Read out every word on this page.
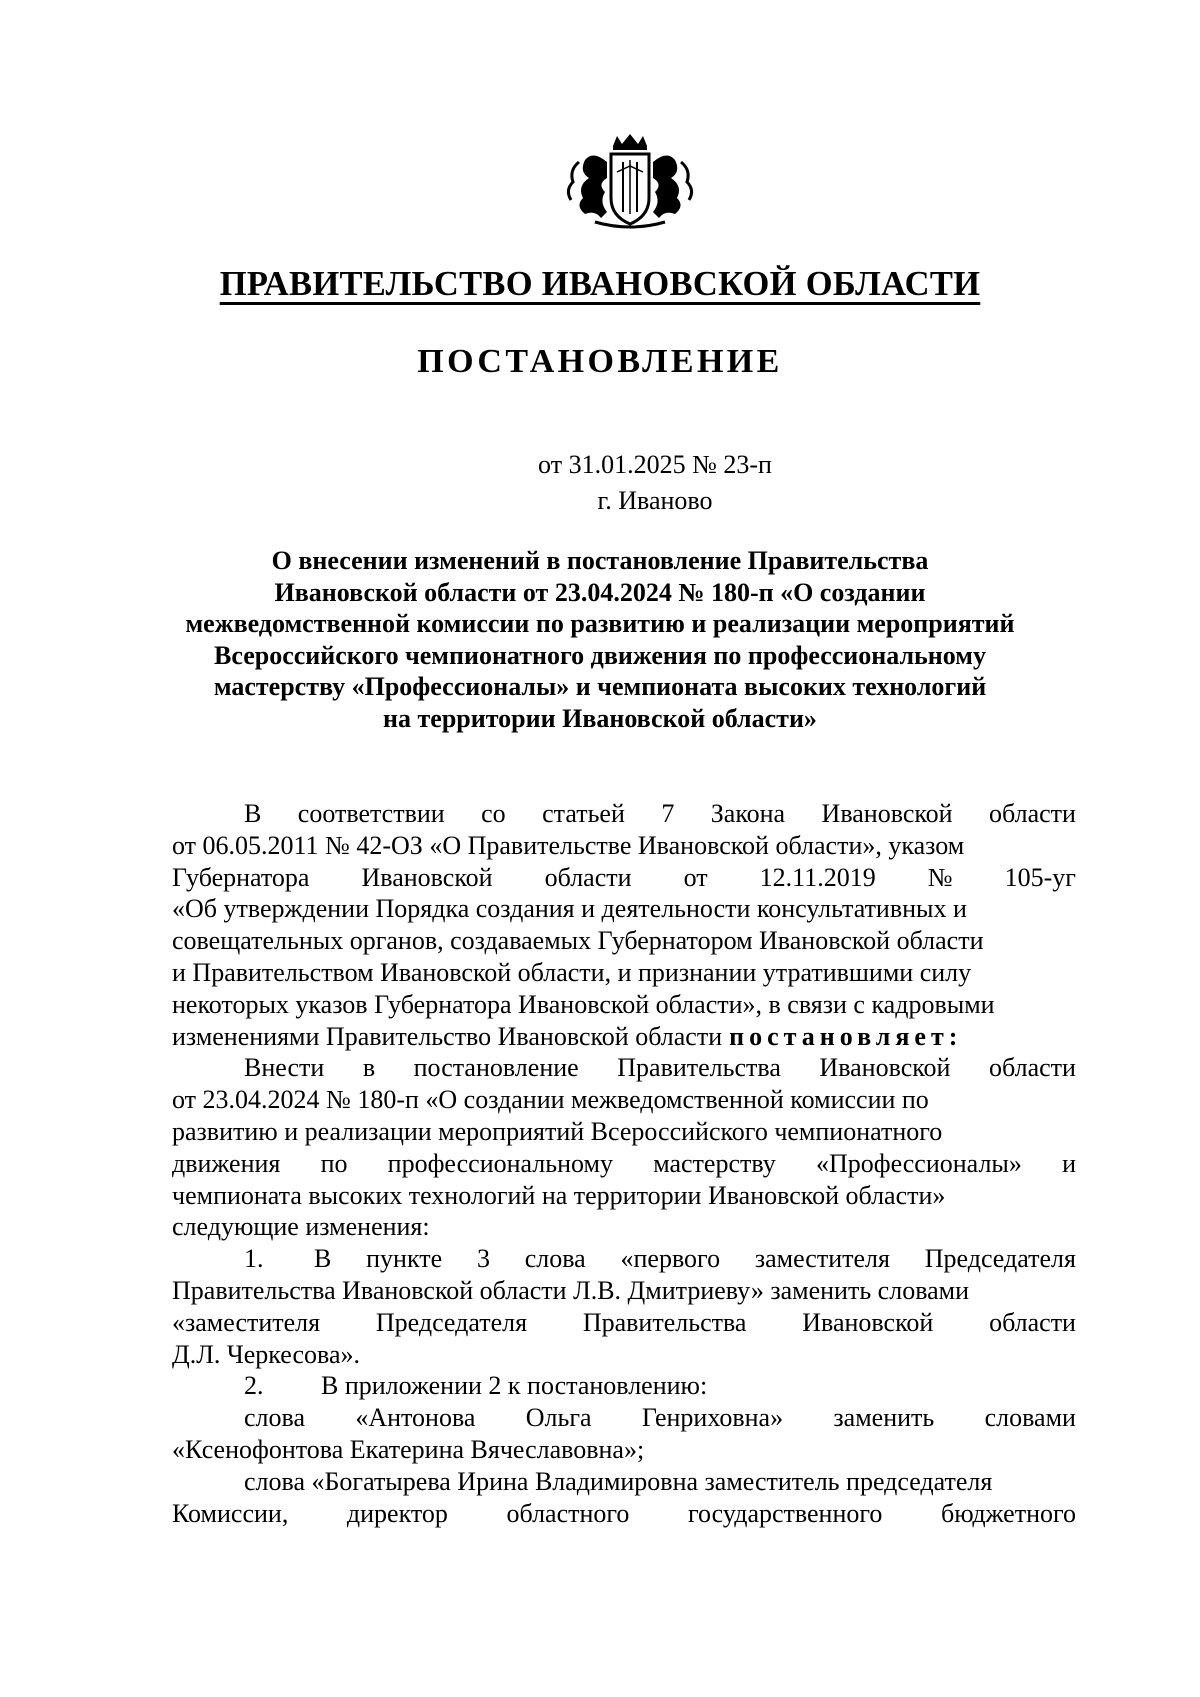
ПРАВИТЕЛЬСТВО ИВАНОВСКОЙ ОБЛАСТИ
ПОСТАНОВЛЕНИЕ
от 31.01.2025 № 23-п
г. Иваново
О внесении изменений в постановление Правительства
Ивановской области от 23.04.2024 № 180-п «О создании
межведомственной комиссии по развитию и реализации мероприятий
Всероссийского чемпионатного движения по профессиональному
мастерству «Профессионалы» и чемпионата высоких технологий
на территории Ивановской области»
В соответствии со статьей 7 Закона Ивановской области
от 06.05.2011 № 42-ОЗ «О Правительстве Ивановской области», указом
Губернатора Ивановской области от 12.11.2019 № 105-уг
«Об утверждении Порядка создания и деятельности консультативных и
совещательных органов, создаваемых Губернатором Ивановской области
и Правительством Ивановской области, и признании утратившими силу
некоторых указов Губернатора Ивановской области», в связи с кадровыми
изменениями Правительство Ивановской области постановляет:
Внести в постановление Правительства Ивановской области
от 23.04.2024 № 180-п «О создании межведомственной комиссии по
развитию и реализации мероприятий Всероссийского чемпионатного
движения по профессиональному мастерству «Профессионалы» и
чемпионата высоких технологий на территории Ивановской области»
следующие изменения:
1.	В пункте 3 слова «первого заместителя Председателя
Правительства Ивановской области Л.В. Дмитриеву» заменить словами
«заместителя Председателя Правительства Ивановской области
Д.Л. Черкесова».
2.	В приложении 2 к постановлению:
слова «Антонова Ольга Генриховна» заменить словами
«Ксенофонтова Екатерина Вячеславовна»;
слова «Богатырева Ирина Владимировна заместитель председателя
Комиссии, директор областного государственного бюджетного
